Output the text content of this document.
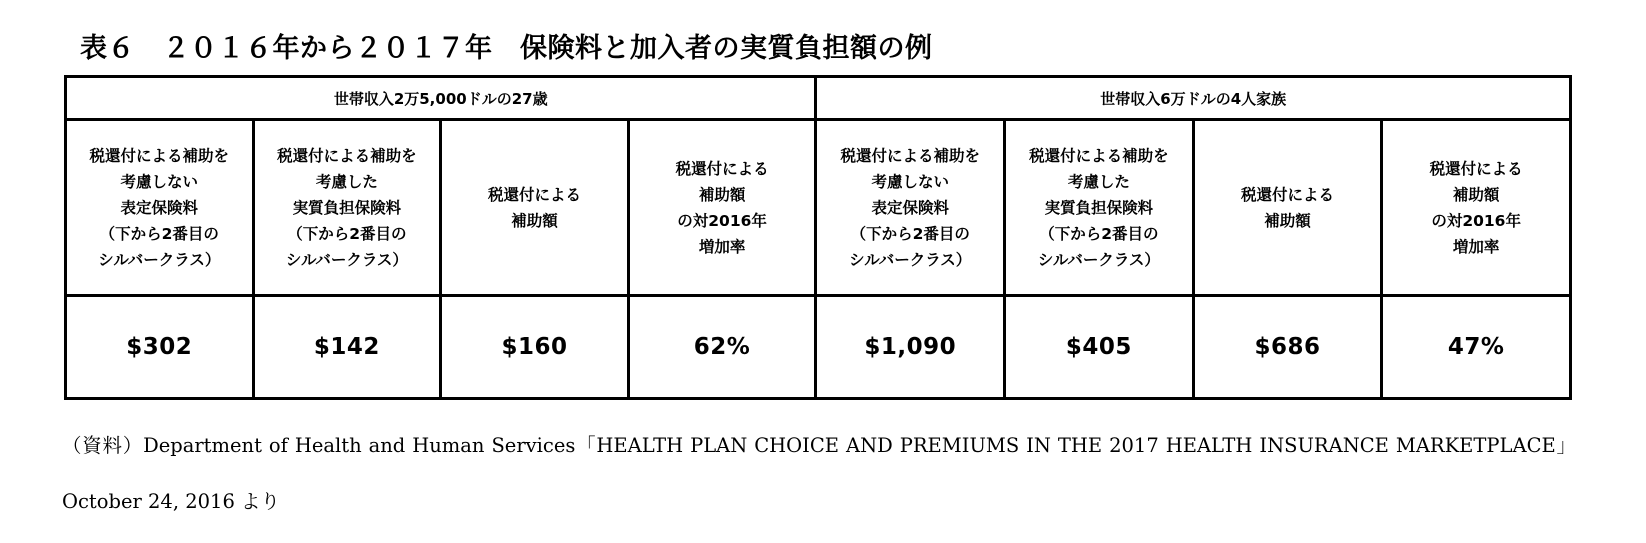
表６　２０１６年から２０１７年　保険料と加入者の実質負担額の例
世帯収入2万5,000ドルの27歳				世帯収入6万ドルの4人家族			
税還付による補助を
考慮しない
表定保険料
（下から2番目の
シルバークラス）	税還付による補助を
考慮した
実質負担保険料
（下から2番目の
シルバークラス）	税還付による
補助額	税還付による
補助額
の対2016年
増加率	税還付による補助を
考慮しない
表定保険料
（下から2番目の
シルバークラス）	税還付による補助を
考慮した
実質負担保険料
（下から2番目の
シルバークラス）	税還付による
補助額	税還付による
補助額
の対2016年
増加率
$302	$142	$160	62%	$1,090	$405	$686	47%
（資料）Department of Health and Human Services「HEALTH PLAN CHOICE AND PREMIUMS IN THE 2017 HEALTH INSURANCE MARKETPLACE」October 24, 2016 より
